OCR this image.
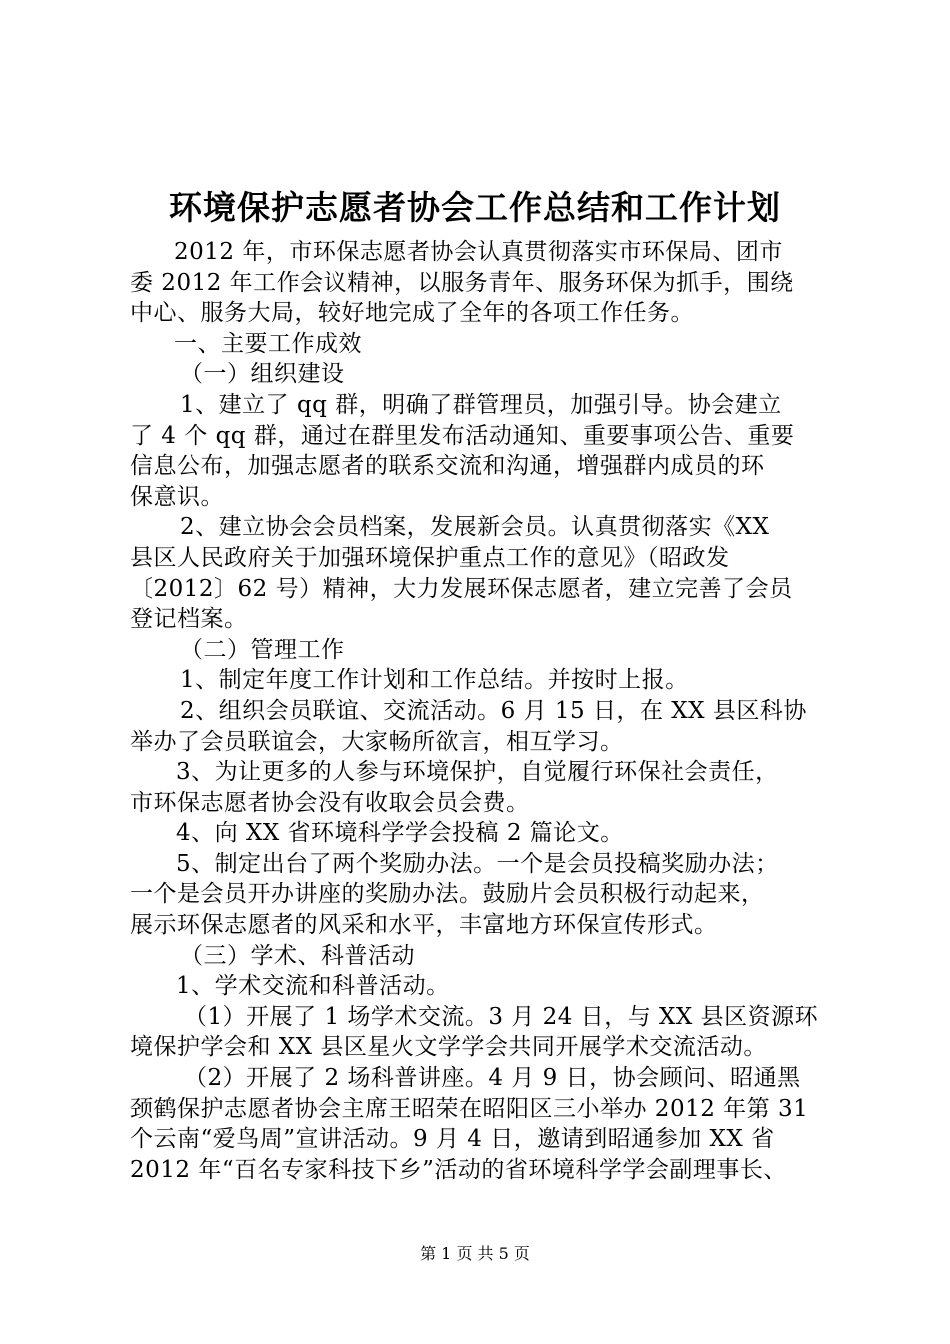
环境保护志愿者协会工作总结和工作计划
2012 年，市环保志愿者协会认真贯彻落实市环保局、团市
委 2012 年工作会议精神，以服务青年、服务环保为抓手，围绕
中心、服务大局，较好地完成了全年的各项工作任务。
一、主要工作成效
（一）组织建设
1、建立了 qq 群，明确了群管理员，加强引导。协会建立
了 4 个 qq 群，通过在群里发布活动通知、重要事项公告、重要
信息公布，加强志愿者的联系交流和沟通，增强群内成员的环
保意识。
2、建立协会会员档案，发展新会员。认真贯彻落实《XX
县区人民政府关于加强环境保护重点工作的意见》（昭政发
〔2012〕62 号）精神，大力发展环保志愿者，建立完善了会员
登记档案。
（二）管理工作
1、制定年度工作计划和工作总结。并按时上报。
2、组织会员联谊、交流活动。6 月 15 日，在 XX 县区科协
举办了会员联谊会，大家畅所欲言，相互学习。
3、为让更多的人参与环境保护，自觉履行环保社会责任，
市环保志愿者协会没有收取会员会费。
4、向 XX 省环境科学学会投稿 2 篇论文。
5、制定出台了两个奖励办法。一个是会员投稿奖励办法；
一个是会员开办讲座的奖励办法。鼓励片会员积极行动起来，
展示环保志愿者的风采和水平，丰富地方环保宣传形式。
（三）学术、科普活动
1、学术交流和科普活动。
（1）开展了 1 场学术交流。3 月 24 日，与 XX 县区资源环
境保护学会和 XX 县区星火文学学会共同开展学术交流活动。
（2）开展了 2 场科普讲座。4 月 9 日，协会顾问、昭通黑
颈鹤保护志愿者协会主席王昭荣在昭阳区三小举办 2012 年第 31
个云南“爱鸟周”宣讲活动。9 月 4 日，邀请到昭通参加 XX 省
2012 年“百名专家科技下乡”活动的省环境科学学会副理事长、
第 1 页 共 5 页
